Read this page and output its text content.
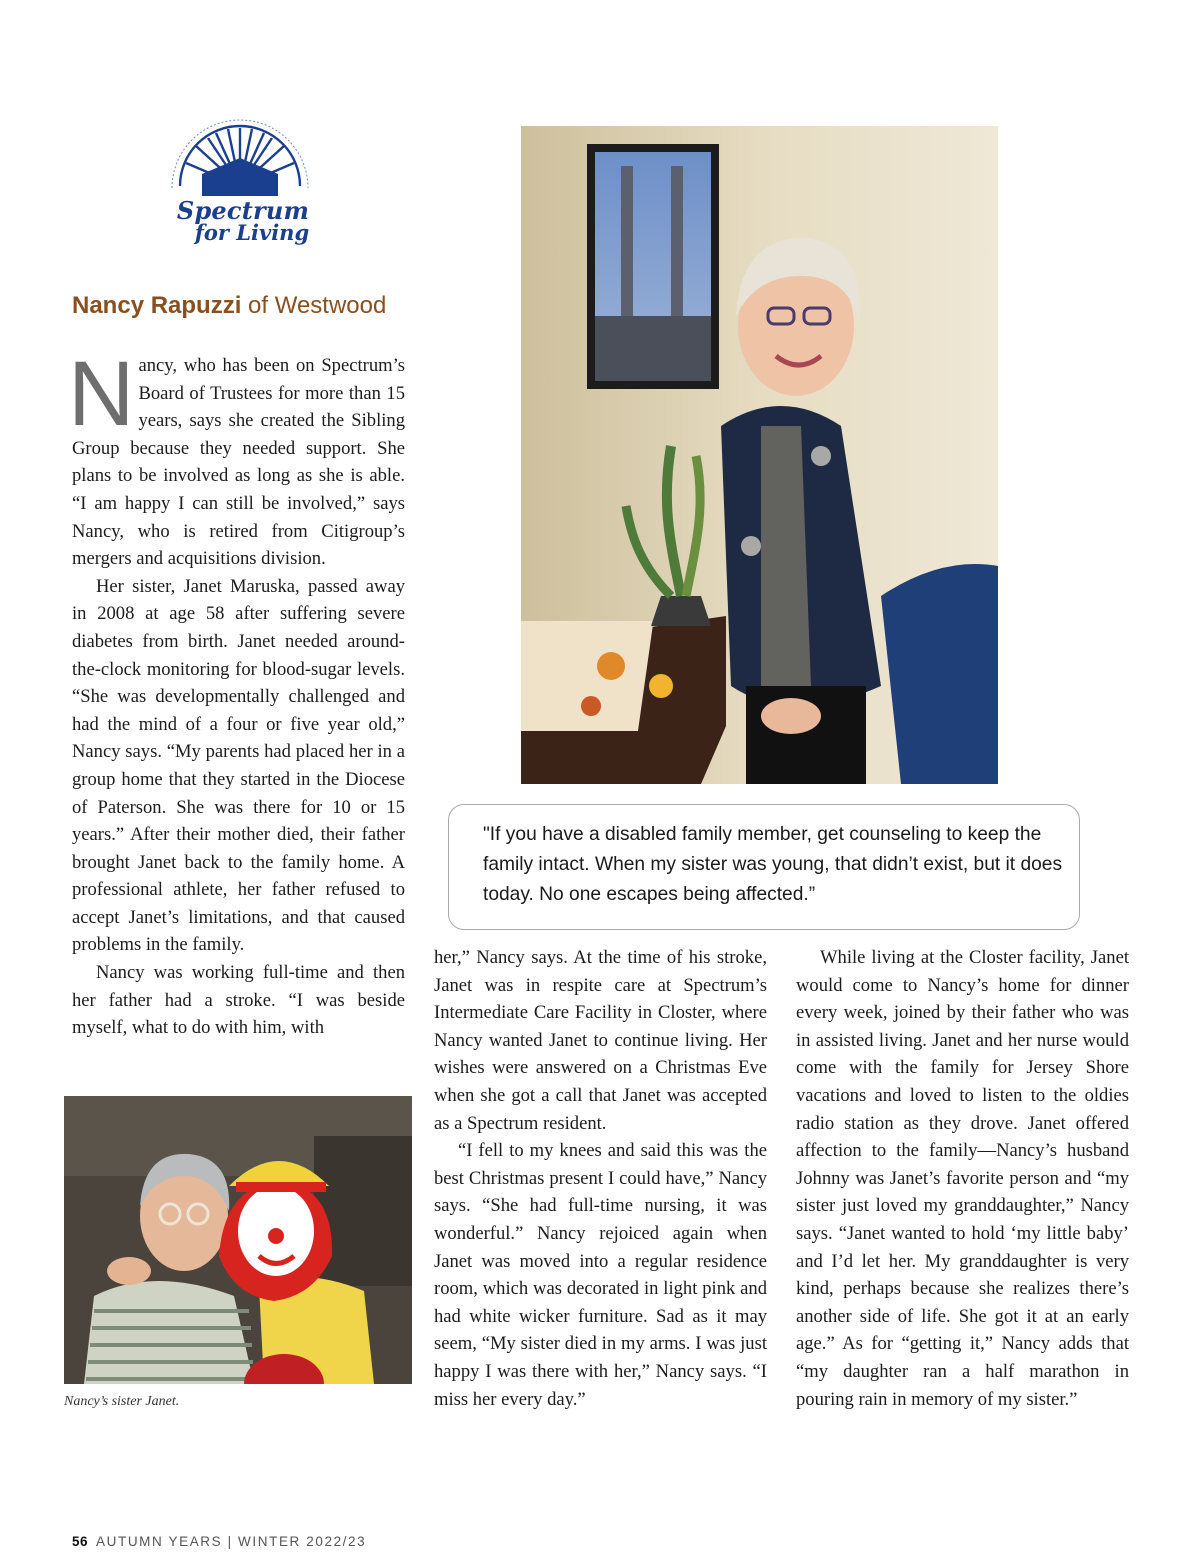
Spectrum
for Living
Nancy Rapuzzi of Westwood

Nancy, who has been on Spectrum’s Board of Trustees for more than 15 years, says she created the Sibling Group because they needed support. She plans to be involved as long as she is able. “I am happy I can still be involved,” says Nancy, who is retired from Citigroup’s mergers and acquisitions division.

Her sister, Janet Maruska, passed away in 2008 at age 58 after suffering severe diabetes from birth. Janet needed around-the-clock monitoring for blood-sugar levels. “She was developmentally challenged and had the mind of a four or five year old,” Nancy says. “My parents had placed her in a group home that they started in the Diocese of Paterson. She was there for 10 or 15 years.” After their mother died, their father brought Janet back to the family home. A professional athlete, her father refused to accept Janet’s limitations, and that caused problems in the family.

Nancy was working full-time and then her father had a stroke. “I was beside myself, what to do with him, with

"If you have a disabled family member, get counseling to keep the family intact. When my sister was young, that didn’t exist, but it does today. No one escapes being affected.”

her,” Nancy says. At the time of his stroke, Janet was in respite care at Spectrum’s Intermediate Care Facility in Closter, where Nancy wanted Janet to continue living. Her wishes were answered on a Christmas Eve when she got a call that Janet was accepted as a Spectrum resident.

“I fell to my knees and said this was the best Christmas present I could have,” Nancy says. “She had full-time nursing, it was wonderful.” Nancy rejoiced again when Janet was moved into a regular residence room, which was decorated in light pink and had white wicker furniture. Sad as it may seem, “My sister died in my arms. I was just happy I was there with her,” Nancy says. “I miss her every day.”

While living at the Closter facility, Janet would come to Nancy’s home for dinner every week, joined by their father who was in assisted living. Janet and her nurse would come with the family for Jersey Shore vacations and loved to listen to the oldies radio station as they drove. Janet offered affection to the family—Nancy’s husband Johnny was Janet’s favorite person and “my sister just loved my granddaughter,” Nancy says. “Janet wanted to hold ‘my little baby’ and I’d let her. My granddaughter is very kind, perhaps because she realizes there’s another side of life. She got it at an early age.” As for “getting it,” Nancy adds that “my daughter ran a half marathon in pouring rain in memory of my sister.”

Nancy’s sister Janet.
56 AUTUMN YEARS | WINTER 2022/23
